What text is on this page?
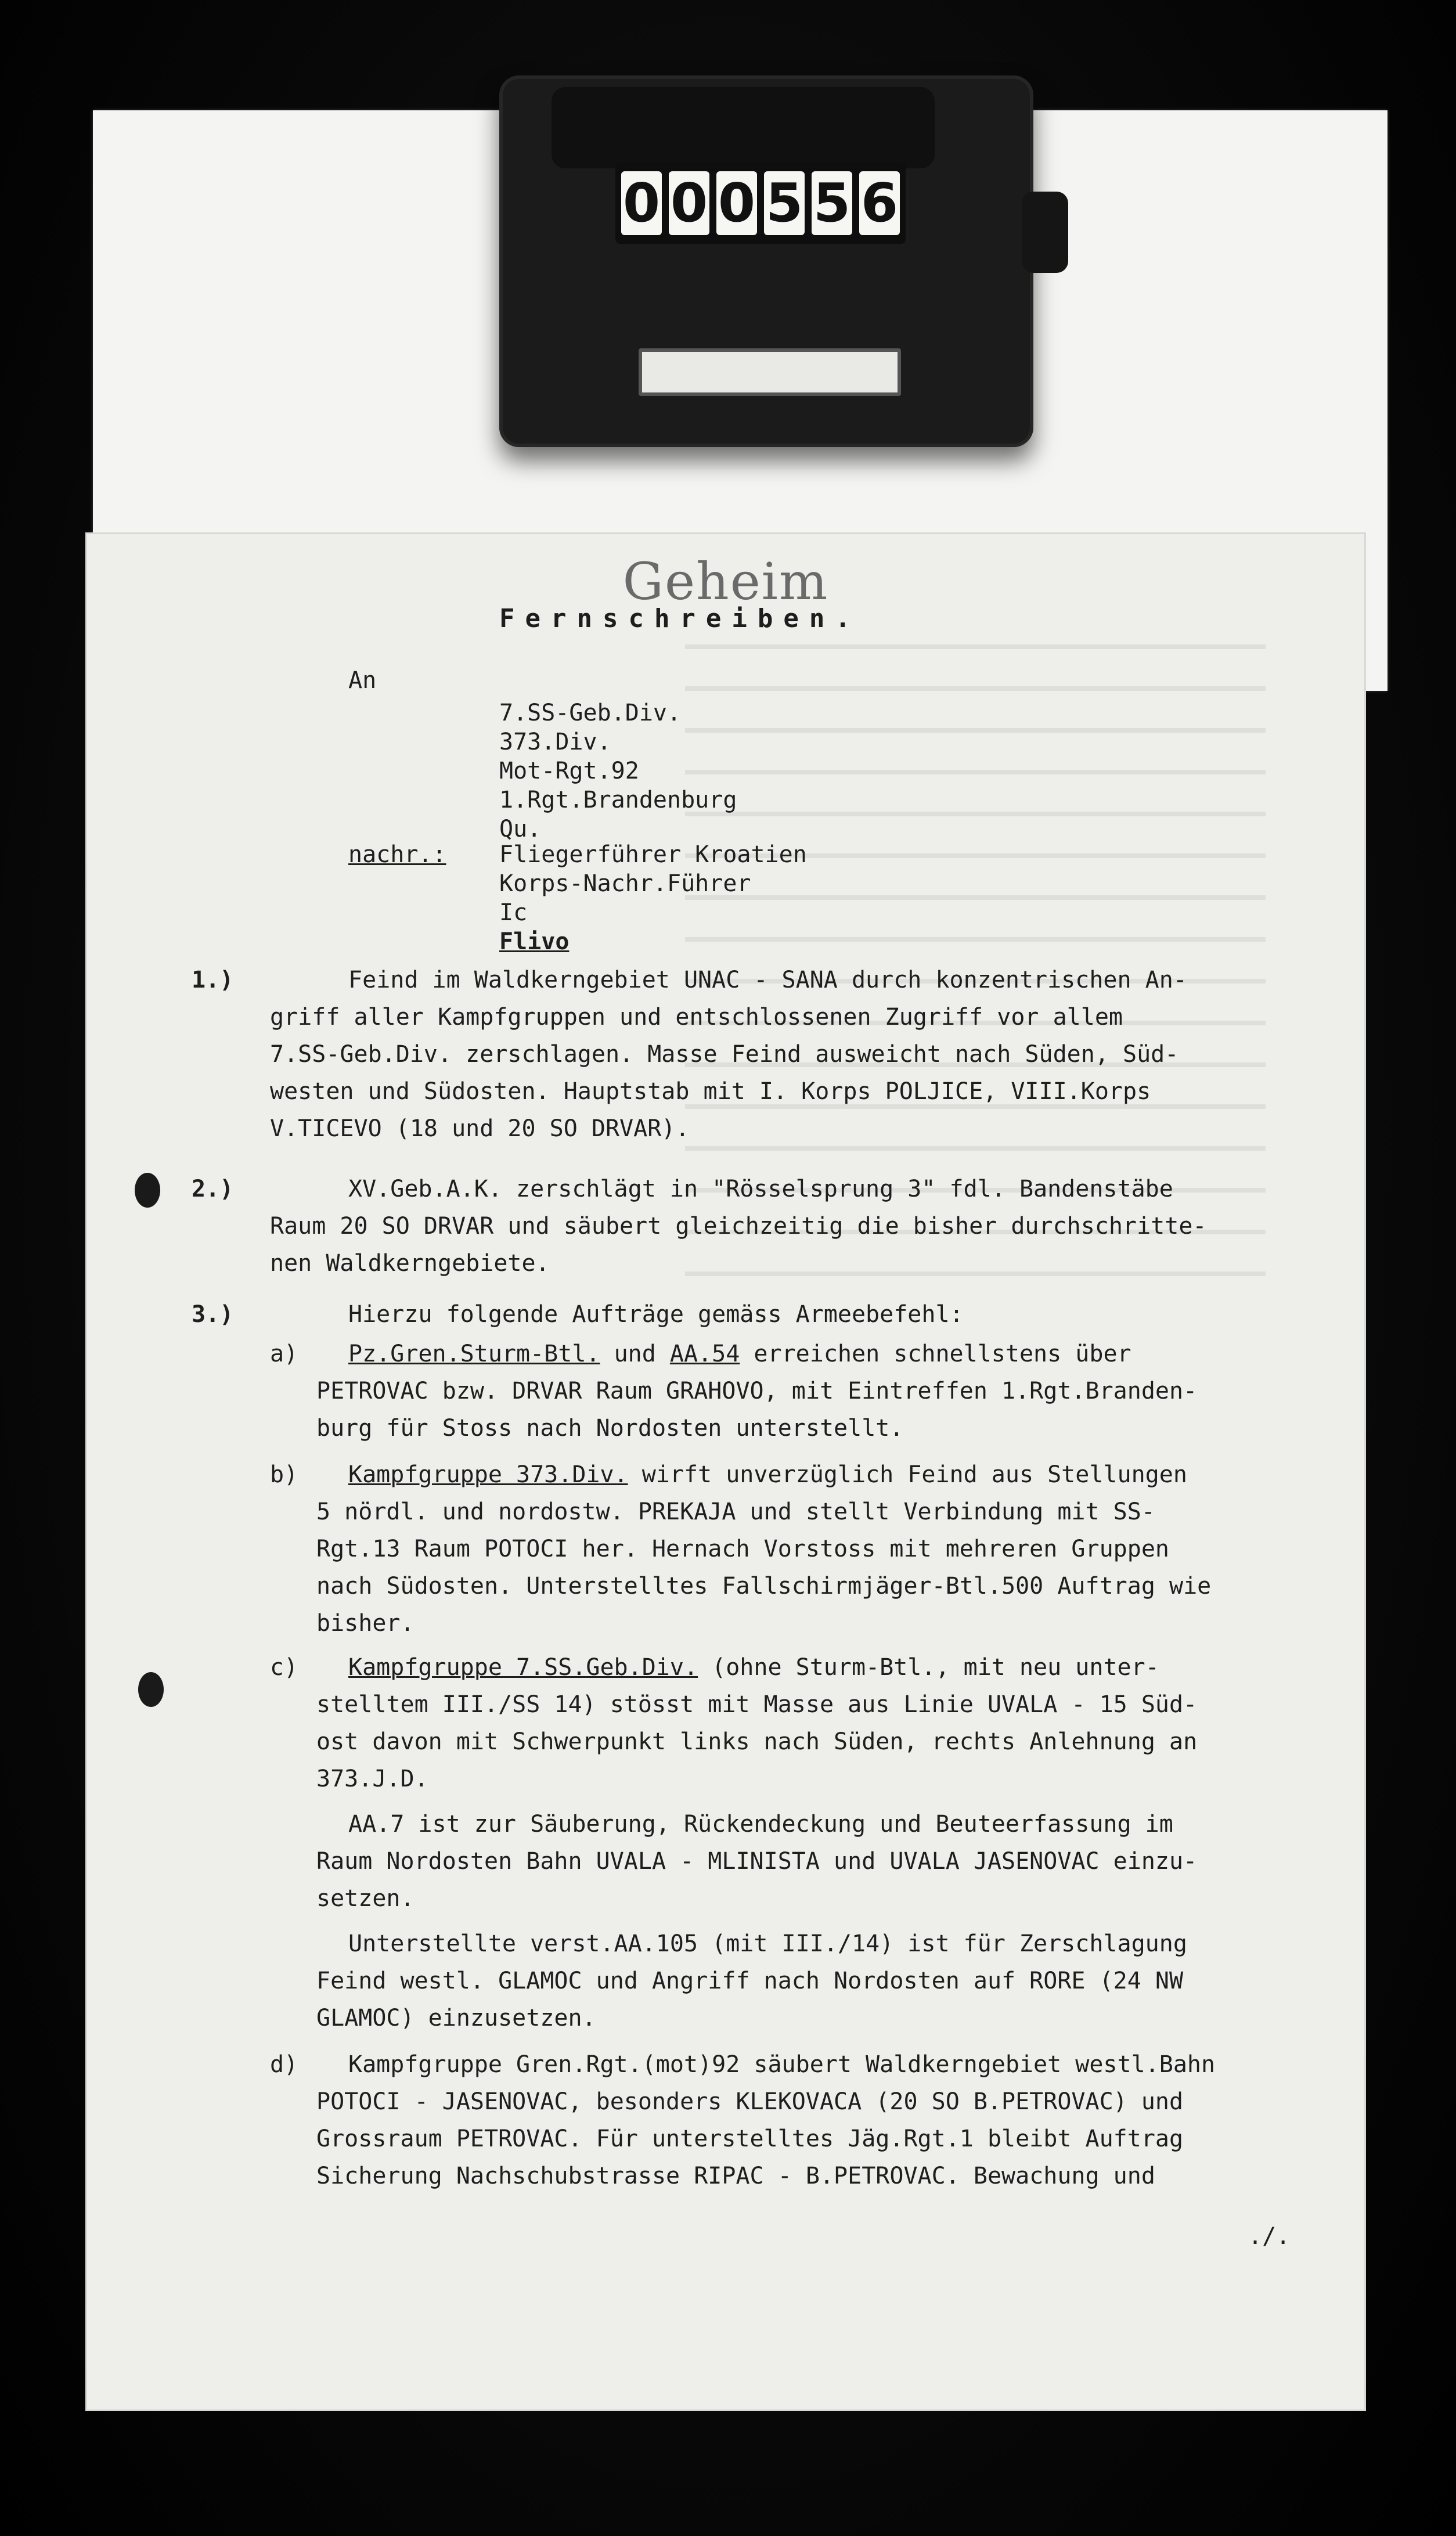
0 0 0 5 5 6
Geheim
Fernschreiben.
An
7.SS-Geb.Div.
373.Div.
Mot-Rgt.92
1.Rgt.Brandenburg
Qu.
nachr.: Fliegerführer Kroatien
Korps-Nachr.Führer
Ic
Flivo
1.)	Feind im Waldkerngebiet UNAC - SANA durch konzentrischen An-
griff aller Kampfgruppen und entschlossenen Zugriff vor allem
7.SS-Geb.Div. zerschlagen. Masse Feind ausweicht nach Süden, Süd-
westen und Südosten. Hauptstab mit I. Korps POLJICE, VIII.Korps
V.TICEVO (18 und 20 SO DRVAR).
2.)	XV.Geb.A.K. zerschlägt in "Rösselsprung 3" fdl. Bandenstäbe
Raum 20 SO DRVAR und säubert gleichzeitig die bisher durchschritte-
nen Waldkerngebiete.
3.)	Hierzu folgende Aufträge gemäss Armeebefehl:
a) Pz.Gren.Sturm-Btl. und AA.54 erreichen schnellstens über
PETROVAC bzw. DRVAR Raum GRAHOVO, mit Eintreffen 1.Rgt.Branden-
burg für Stoss nach Nordosten unterstellt.
b) Kampfgruppe 373.Div. wirft unverzüglich Feind aus Stellungen
5 nördl. und nordostw. PREKAJA und stellt Verbindung mit SS-
Rgt.13 Raum POTOCI her. Hernach Vorstoss mit mehreren Gruppen
nach Südosten. Unterstelltes Fallschirmjäger-Btl.500 Auftrag wie
bisher.
c) Kampfgruppe 7.SS.Geb.Div. (ohne Sturm-Btl., mit neu unter-
stelltem III./SS 14) stösst mit Masse aus Linie UVALA - 15 Süd-
ost davon mit Schwerpunkt links nach Süden, rechts Anlehnung an
373.J.D.
AA.7 ist zur Säuberung, Rückendeckung und Beuteerfassung im
Raum Nordosten Bahn UVALA - MLINISTA und UVALA JASENOVAC einzu-
setzen.
Unterstellte verst.AA.105 (mit III./14) ist für Zerschlagung
Feind westl. GLAMOC und Angriff nach Nordosten auf RORE (24 NW
GLAMOC) einzusetzen.
d) Kampfgruppe Gren.Rgt.(mot)92 säubert Waldkerngebiet westl.Bahn
POTOCI - JASENOVAC, besonders KLEKOVACA (20 SO B.PETROVAC) und
Grossraum PETROVAC. Für unterstelltes Jäg.Rgt.1 bleibt Auftrag
Sicherung Nachschubstrasse RIPAC - B.PETROVAC. Bewachung und
./.
